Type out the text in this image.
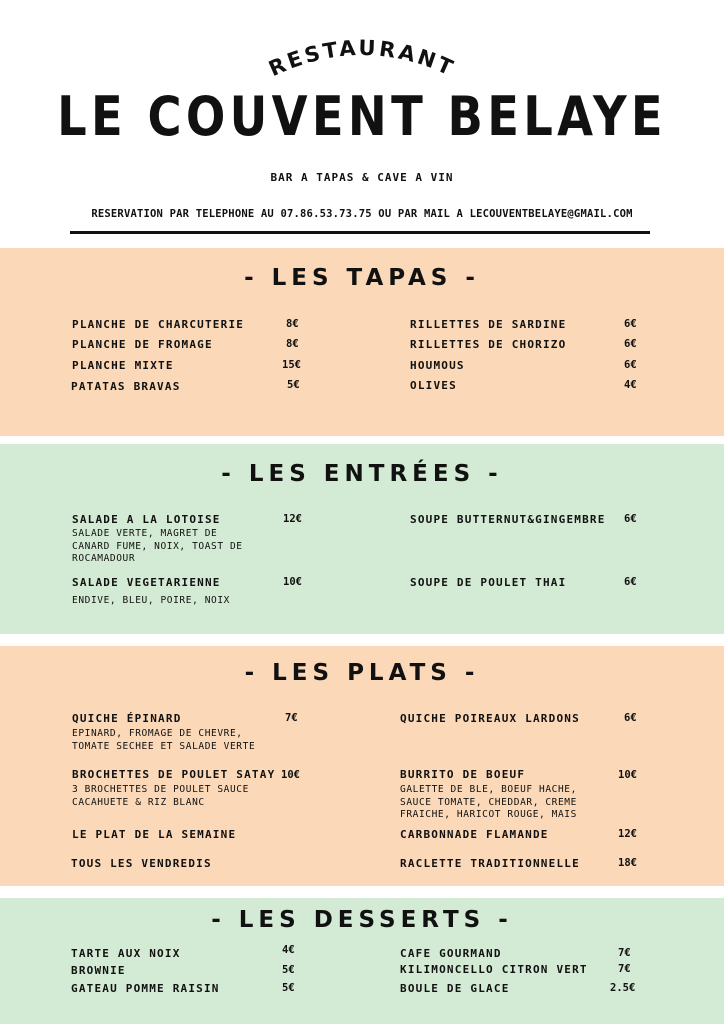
RESTAURANT
LE COUVENT BELAYE
BAR A TAPAS & CAVE A VIN
RESERVATION PAR TELEPHONE AU 07.86.53.73.75 OU PAR MAIL A LECOUVENTBELAYE@GMAIL.COM
- LES TAPAS -
PLANCHE DE CHARCUTERIE	8€
PLANCHE DE FROMAGE	8€
PLANCHE MIXTE	15€
PATATAS BRAVAS	5€
RILLETTES DE SARDINE	6€
RILLETTES DE CHORIZO	6€
HOUMOUS	6€
OLIVES	4€
- LES ENTRÉES -
SALADE A LA LOTOISE	12€
SALADE VERTE, MAGRET DE
CANARD FUME, NOIX, TOAST DE
ROCAMADOUR
SALADE VEGETARIENNE	10€
ENDIVE, BLEU, POIRE, NOIX
SOUPE BUTTERNUT&GINGEMBRE 6€
SOUPE DE POULET THAI	6€
- LES PLATS -
QUICHE ÉPINARD	7€
EPINARD, FROMAGE DE CHEVRE,
TOMATE SECHEE ET SALADE VERTE
BROCHETTES DE POULET SATAY 10€
3 BROCHETTES DE POULET SAUCE
CACAHUETE & RIZ BLANC
LE PLAT DE LA SEMAINE
TOUS LES VENDREDIS
QUICHE POIREAUX LARDONS	6€
BURRITO DE BOEUF	10€
GALETTE DE BLE, BOEUF HACHE,
SAUCE TOMATE, CHEDDAR, CREME
FRAICHE, HARICOT ROUGE, MAIS
CARBONNADE FLAMANDE	12€
RACLETTE TRADITIONNELLE	18€
- LES DESSERTS -
TARTE AUX NOIX	4€
BROWNIE	5€
GATEAU POMME RAISIN	5€
CAFE GOURMAND	7€
KILIMONCELLO CITRON VERT	7€
BOULE DE GLACE	2.5€
